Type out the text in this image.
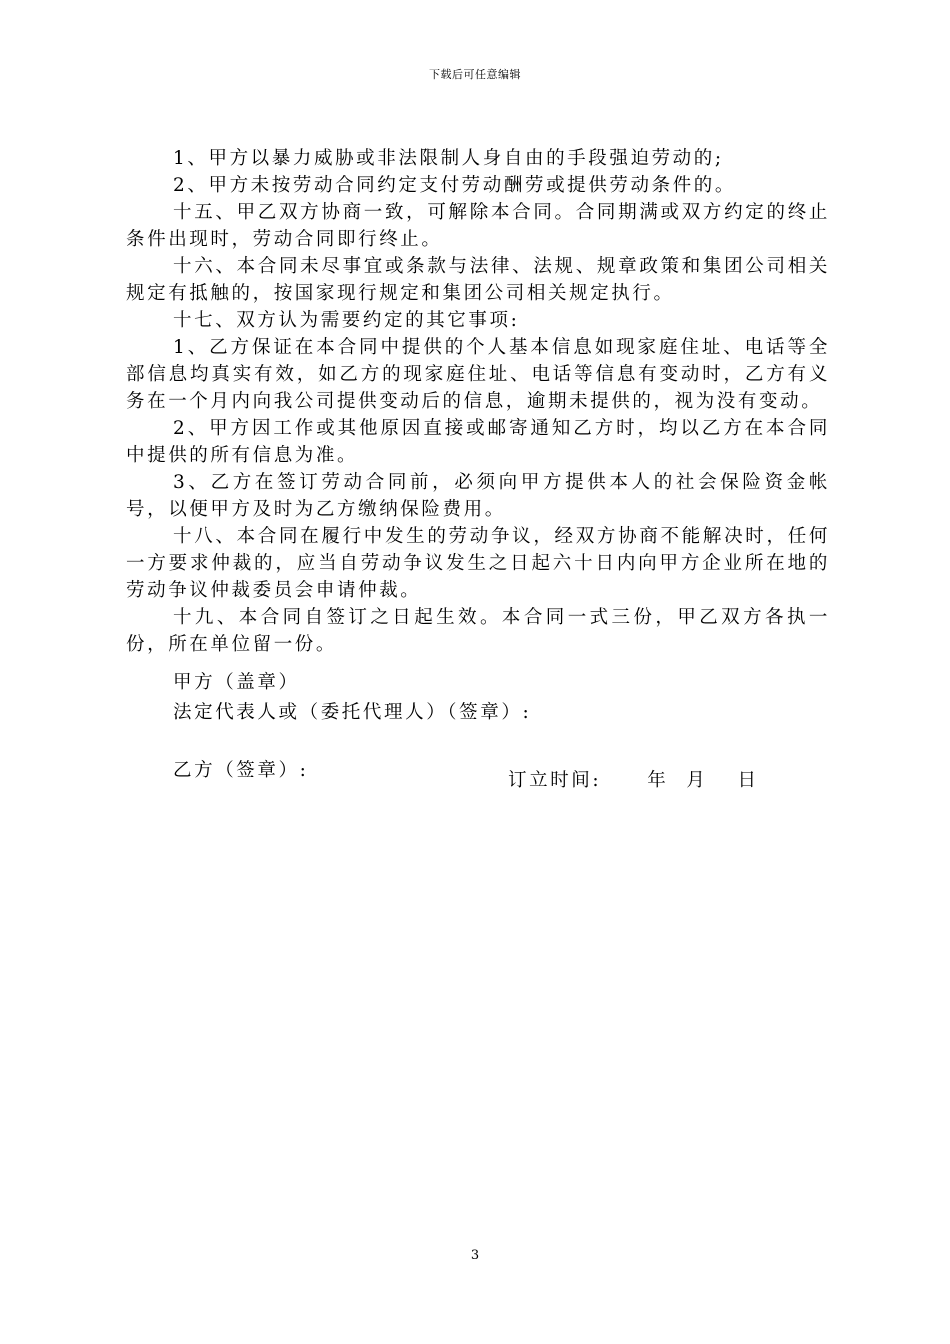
下载后可任意编辑

1、甲方以暴力威胁或非法限制人身自由的手段强迫劳动的;

2、甲方未按劳动合同约定支付劳动酬劳或提供劳动条件的。

十五、甲乙双方协商一致，可解除本合同。合同期满或双方约定的终止条件出现时，劳动合同即行终止。

十六、本合同未尽事宜或条款与法律、法规、规章政策和集团公司相关规定有抵触的，按国家现行规定和集团公司相关规定执行。

十七、双方认为需要约定的其它事项:

1、乙方保证在本合同中提供的个人基本信息如现家庭住址、电话等全部信息均真实有效，如乙方的现家庭住址、电话等信息有变动时，乙方有义务在一个月内向我公司提供变动后的信息，逾期未提供的，视为没有变动。

2、甲方因工作或其他原因直接或邮寄通知乙方时，均以乙方在本合同中提供的所有信息为准。

3、乙方在签订劳动合同前，必须向甲方提供本人的社会保险资金帐号，以便甲方及时为乙方缴纳保险费用。

十八、本合同在履行中发生的劳动争议，经双方协商不能解决时，任何一方要求仲裁的，应当自劳动争议发生之日起六十日内向甲方企业所在地的劳动争议仲裁委员会申请仲裁。

十九、本合同自签订之日起生效。本合同一式三份，甲乙双方各执一份，所在单位留一份。

甲方（盖章）
法定代表人或（委托代理人）（签章）:
乙方（签章）:	订立时间: 年 月 日
3
